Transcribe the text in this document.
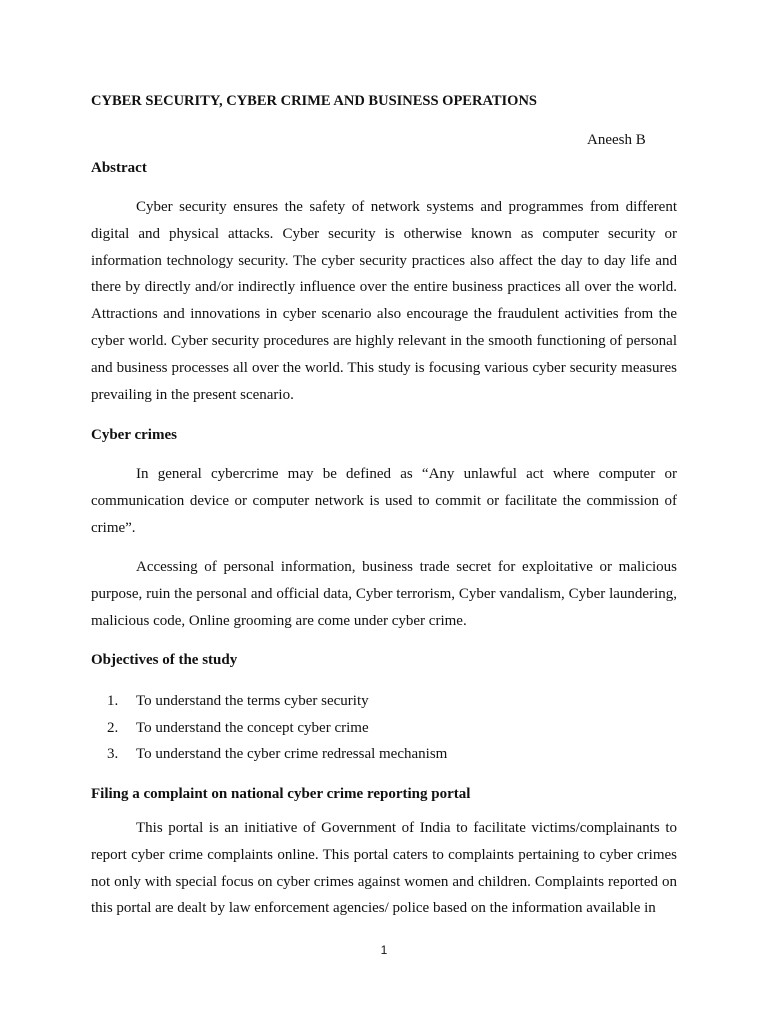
CYBER SECURITY, CYBER CRIME AND BUSINESS OPERATIONS
Aneesh B
Abstract

Cyber security ensures the safety of network systems and programmes from different digital and physical attacks. Cyber security is otherwise known as computer security or information technology security. The cyber security practices also affect the day to day life and there by directly and/or indirectly influence over the entire business practices all over the world. Attractions and innovations in cyber scenario also encourage the fraudulent activities from the cyber world. Cyber security procedures are highly relevant in the smooth functioning of personal and business processes all over the world. This study is focusing various cyber security measures prevailing in the present scenario.

Cyber crimes

In general cybercrime may be defined as “Any unlawful act where computer or communication device or computer network is used to commit or facilitate the commission of crime”.

Accessing of personal information, business trade secret for exploitative or malicious purpose, ruin the personal and official data, Cyber terrorism, Cyber vandalism, Cyber laundering, malicious code, Online grooming are come under cyber crime.

Objectives of the study
1. To understand the terms cyber security
2. To understand the concept cyber crime
3. To understand the cyber crime redressal mechanism
Filing a complaint on national cyber crime reporting portal

This portal is an initiative of Government of India to facilitate victims/complainants to report cyber crime complaints online. This portal caters to complaints pertaining to cyber crimes not only with special focus on cyber crimes against women and children. Complaints reported on this portal are dealt by law enforcement agencies/ police based on the information available in

1
